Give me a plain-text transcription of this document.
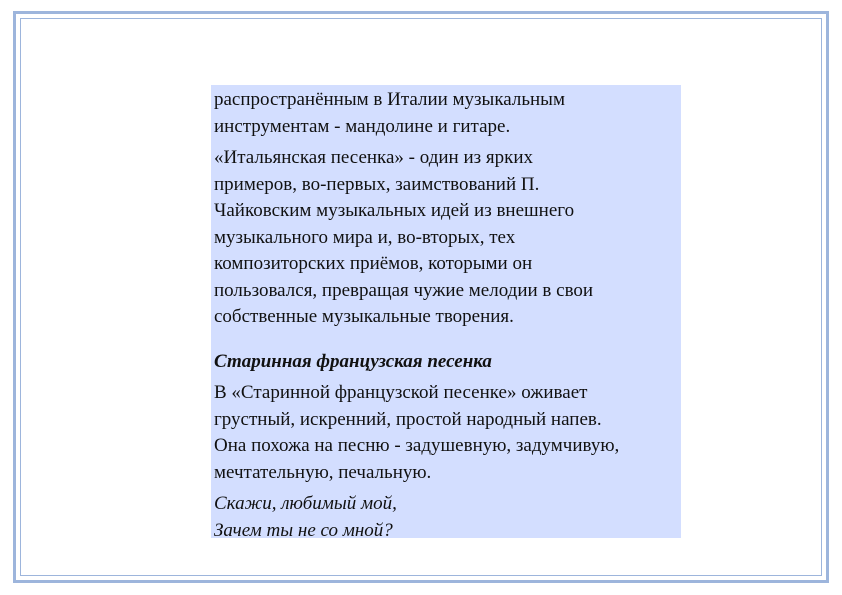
распространённым в Италии музыкальным
инструментам - мандолине и гитаре.

«Итальянская песенка» - один из ярких
примеров, во-первых, заимствований П.
Чайковским музыкальных идей из внешнего
музыкального мира и, во-вторых, тех
композиторских приёмов, которыми он
пользовался, превращая чужие мелодии в свои
собственные музыкальные творения.

Старинная французская песенка

В «Старинной французской песенке» оживает
грустный, искренний, простой народный напев.
Она похожа на песню - задушевную, задумчивую,
мечтательную, печальную.

Скажи, любимый мой,
Зачем ты не со мной?
